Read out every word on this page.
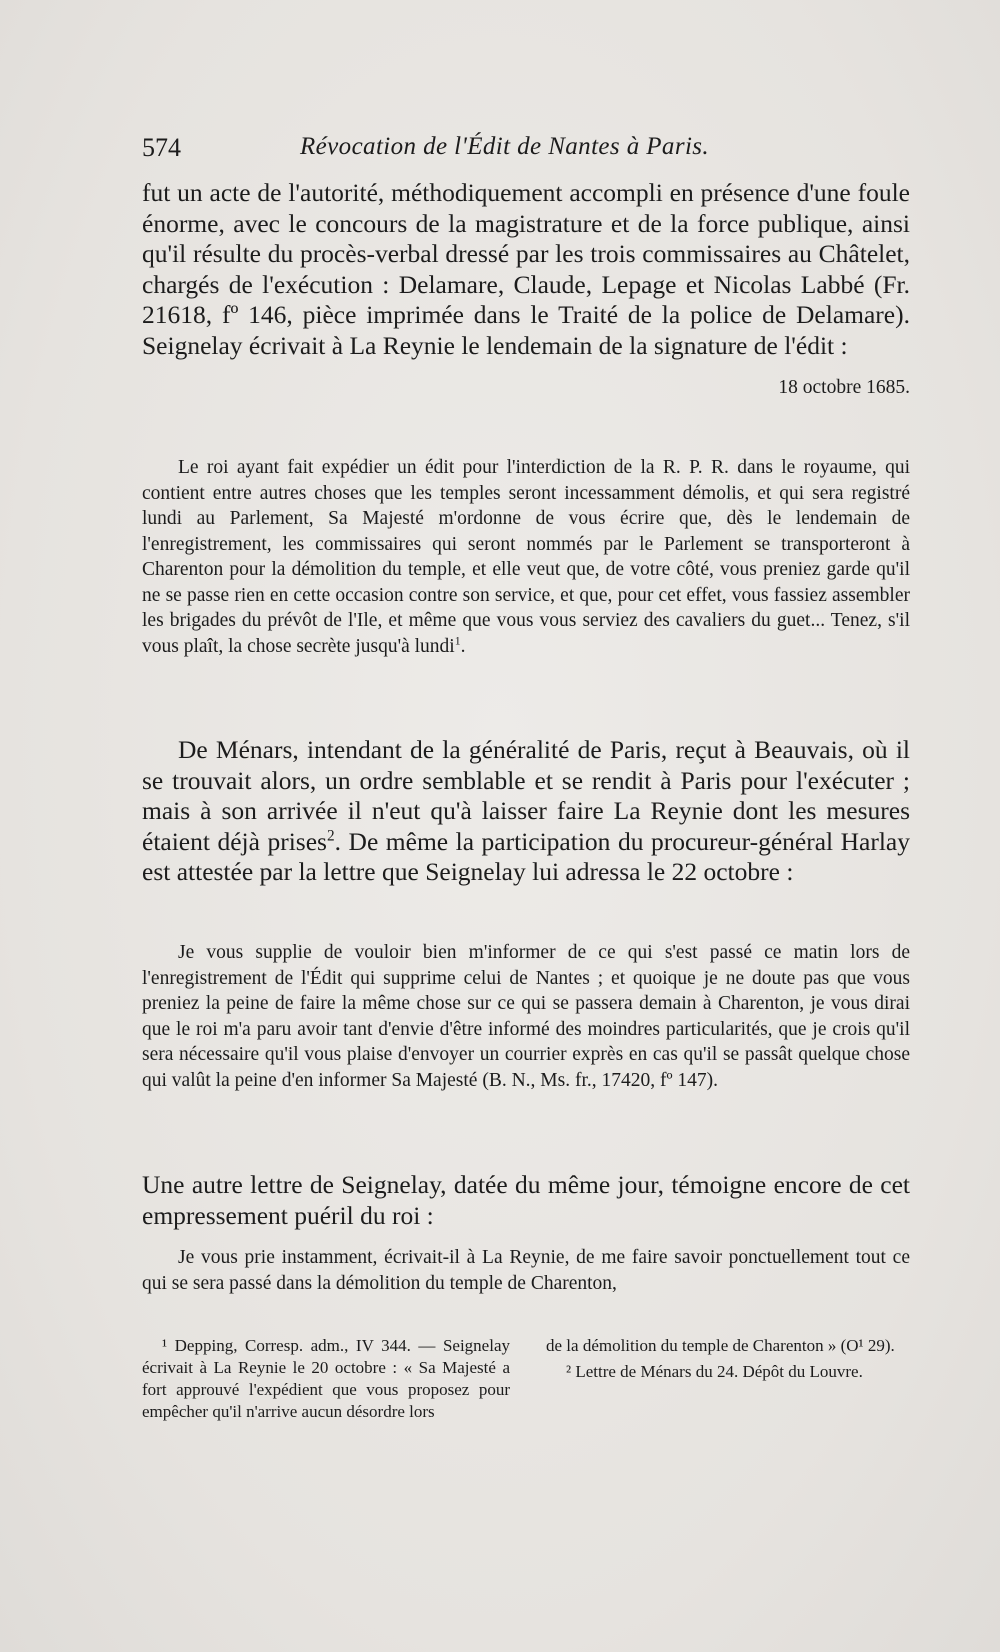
574	Révocation de l'Édit de Nantes à Paris.

fut un acte de l'autorité, méthodiquement accompli en présence d'une foule énorme, avec le concours de la magistrature et de la force publique, ainsi qu'il résulte du procès-verbal dressé par les trois commissaires au Châtelet, chargés de l'exécution : Delamare, Claude, Lepage et Nicolas Labbé (Fr. 21618, fº 146, pièce imprimée dans le Traité de la police de Delamare). Seignelay écrivait à La Reynie le lendemain de la signature de l'édit :

18 octobre 1685.

Le roi ayant fait expédier un édit pour l'interdiction de la R. P. R. dans le royaume, qui contient entre autres choses que les temples seront incessamment démolis, et qui sera registré lundi au Parlement, Sa Majesté m'ordonne de vous écrire que, dès le lendemain de l'enregistrement, les commissaires qui seront nommés par le Parlement se transporteront à Charenton pour la démolition du temple, et elle veut que, de votre côté, vous preniez garde qu'il ne se passe rien en cette occasion contre son service, et que, pour cet effet, vous fassiez assembler les brigades du prévôt de l'Ile, et même que vous vous serviez des cavaliers du guet... Tenez, s'il vous plaît, la chose secrète jusqu'à lundi$^1$.

De Ménars, intendant de la généralité de Paris, reçut à Beauvais, où il se trouvait alors, un ordre semblable et se rendit à Paris pour l'exécuter ; mais à son arrivée il n'eut qu'à laisser faire La Reynie dont les mesures étaient déjà prises$^2$. De même la participation du procureur-général Harlay est attestée par la lettre que Seignelay lui adressa le 22 octobre :

Je vous supplie de vouloir bien m'informer de ce qui s'est passé ce matin lors de l'enregistrement de l'Édit qui supprime celui de Nantes ; et quoique je ne doute pas que vous preniez la peine de faire la même chose sur ce qui se passera demain à Charenton, je vous dirai que le roi m'a paru avoir tant d'envie d'être informé des moindres particularités, que je crois qu'il sera nécessaire qu'il vous plaise d'envoyer un courrier exprès en cas qu'il se passât quelque chose qui valût la peine d'en informer Sa Majesté (B. N., Ms. fr., 17420, fº 147).

Une autre lettre de Seignelay, datée du même jour, témoigne encore de cet empressement puéril du roi :

Je vous prie instamment, écrivait-il à La Reynie, de me faire savoir ponctuellement tout ce qui se sera passé dans la démolition du temple de Charenton,

¹ Depping, Corresp. adm., IV 344. — Seignelay écrivait à La Reynie le 20 octobre : « Sa Majesté a fort approuvé l'expédient que vous proposez pour empêcher qu'il n'arrive aucun désordre lors

de la démolition du temple de Charenton » (O¹ 29).

² Lettre de Ménars du 24. Dépôt du Louvre.
